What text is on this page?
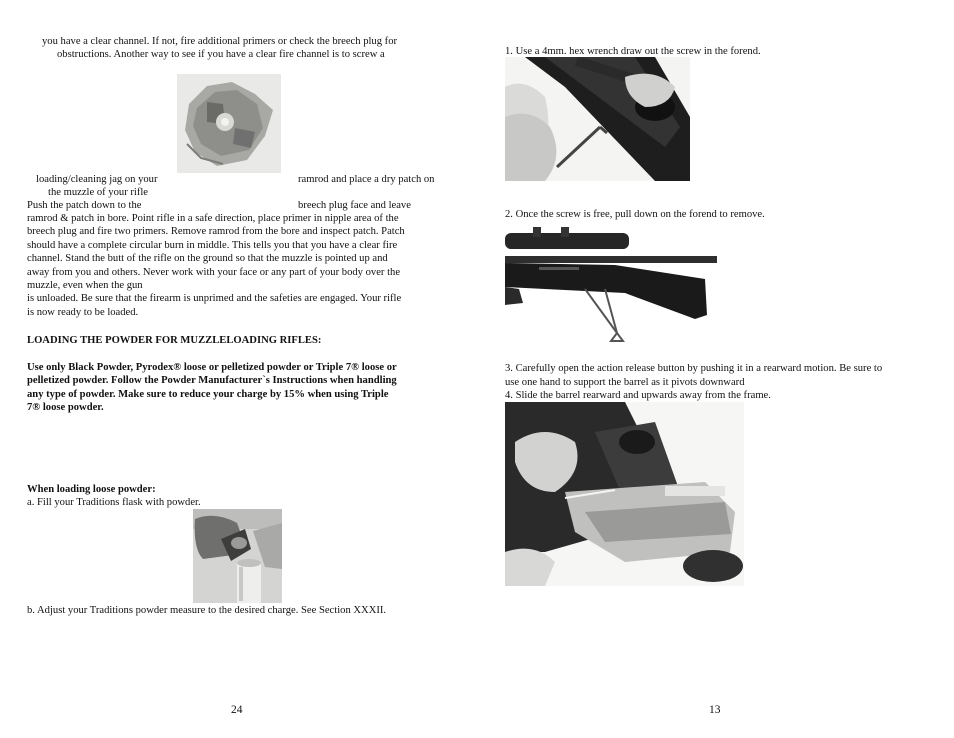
you have a clear channel. If not, fire additional primers or check the breech plug for

obstructions. Another way to see if you have a clear fire channel is to screw a

loading/cleaning jag on your	ramrod and place a dry patch on

the muzzle of your rifle

Push the patch down to the	breech plug face and leave

ramrod & patch in bore. Point rifle in a safe direction, place primer in nipple area of the
breech plug and fire two primers. Remove ramrod from the bore and inspect patch. Patch
should have a complete circular burn in middle. This tells you that you have a clear fire
channel. Stand the butt of the rifle on the ground so that the muzzle is pointed up and
away from you and others. Never work with your face or any part of your body over the
muzzle, even when the gun
is unloaded. Be sure that the firearm is unprimed and the safeties are engaged. Your rifle
is now ready to be loaded.

LOADING THE POWDER FOR MUZZLELOADING RIFLES:

Use only Black Powder, Pyrodex® loose or pelletized powder or Triple 7® loose or
pelletized powder. Follow the Powder Manufacturer`s Instructions when handling
any type of powder. Make sure to reduce your charge by 15% when using Triple
7® loose powder.

When loading loose powder:

a. Fill your Traditions flask with powder.

b. Adjust your Traditions powder measure to the desired charge. See Section XXXII.

24

1. Use a 4mm. hex wrench draw out the screw in the forend.

2. Once the screw is free, pull down on the forend to remove.

3. Carefully open the action release button by pushing it in a rearward motion. Be sure to

use one hand to support the barrel as it pivots downward

4. Slide the barrel rearward and upwards away from the frame.

13
